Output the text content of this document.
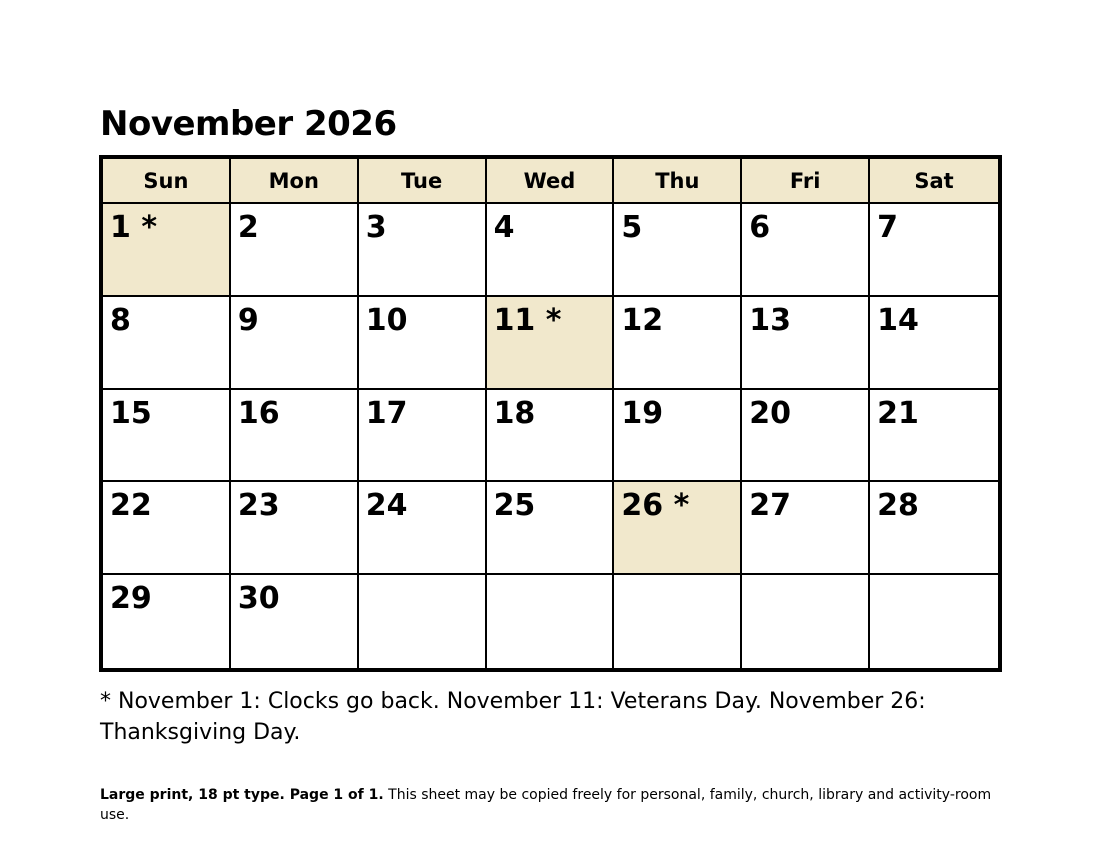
November 2026
Sun	Mon	Tue	Wed	Thu	Fri	Sat
1 *	2	3	4	5	6	7
8	9	10	11 *	12	13	14
15	16	17	18	19	20	21
22	23	24	25	26 *	27	28
29	30

* November 1: Clocks go back. November 11: Veterans Day. November 26: Thanksgiving Day.

Large print, 18 pt type. Page 1 of 1. This sheet may be copied freely for personal, family, church, library and activity-room use.
